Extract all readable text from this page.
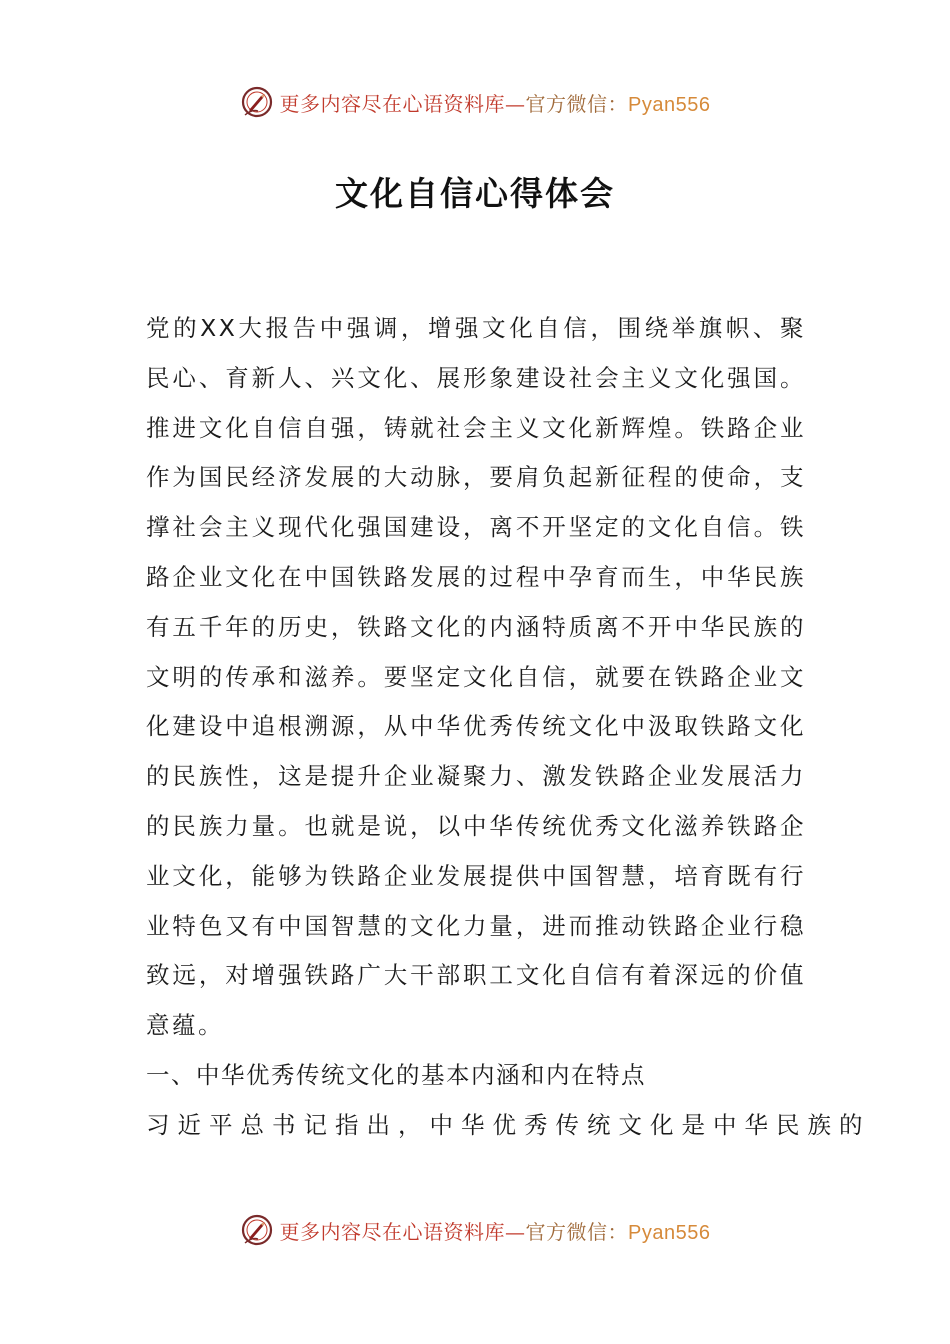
更多内容尽在心语资料库—官方微信：Pyan556
文化自信心得体会

党的XX大报告中强调，增强文化自信，围绕举旗帜、聚民心、育新人、兴文化、展形象建设社会主义文化强国。推进文化自信自强，铸就社会主义文化新辉煌。铁路企业作为国民经济发展的大动脉，要肩负起新征程的使命，支撑社会主义现代化强国建设，离不开坚定的文化自信。铁路企业文化在中国铁路发展的过程中孕育而生，中华民族有五千年的历史，铁路文化的内涵特质离不开中华民族的文明的传承和滋养。要坚定文化自信，就要在铁路企业文化建设中追根溯源，从中华优秀传统文化中汲取铁路文化的民族性，这是提升企业凝聚力、激发铁路企业发展活力的民族力量。也就是说，以中华传统优秀文化滋养铁路企业文化，能够为铁路企业发展提供中国智慧，培育既有行业特色又有中国智慧的文化力量，进而推动铁路企业行稳致远，对增强铁路广大干部职工文化自信有着深远的价值意蕴。

一、中华优秀传统文化的基本内涵和内在特点

习近平总书记指出，中华优秀传统文化是中华民族的

更多内容尽在心语资料库—官方微信：Pyan556
